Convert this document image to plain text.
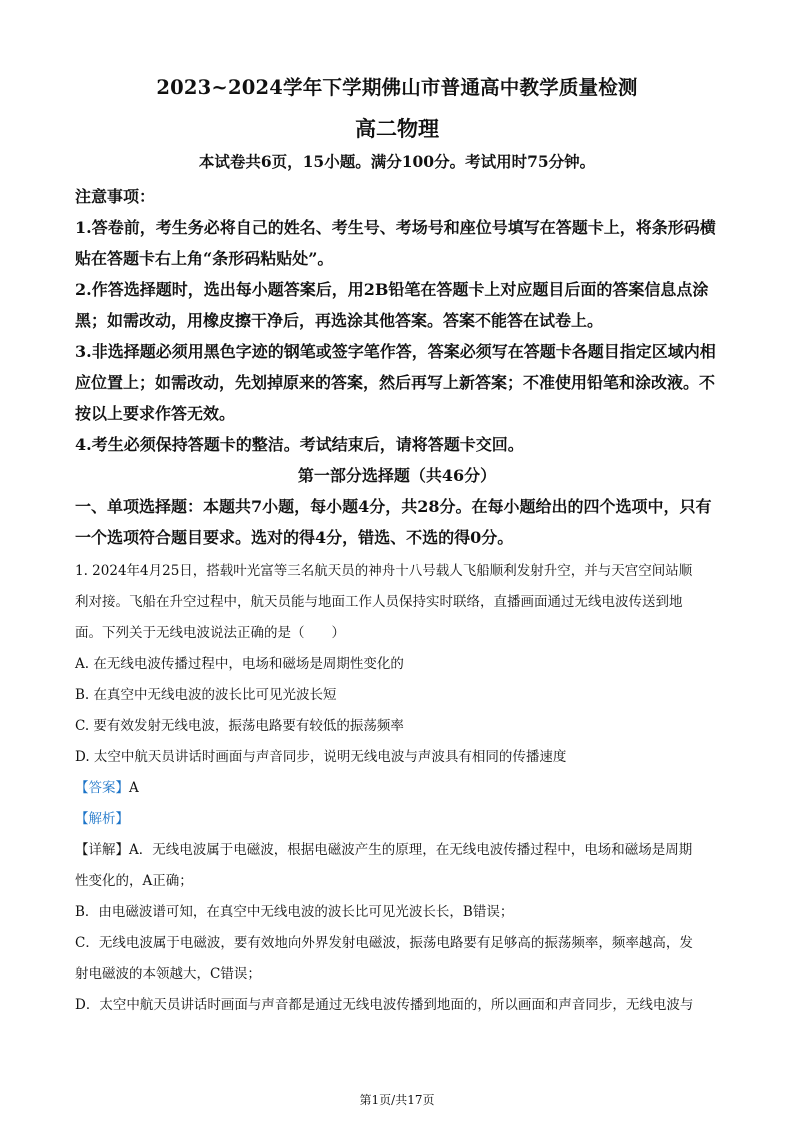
2023~2024学年下学期佛山市普通高中教学质量检测
高二物理
本试卷共6页，15小题。满分100分。考试用时75分钟。
注意事项：
1.答卷前，考生务必将自己的姓名、考生号、考场号和座位号填写在答题卡上，将条形码横
贴在答题卡右上角“条形码粘贴处”。
2.作答选择题时，选出每小题答案后，用2B铅笔在答题卡上对应题目后面的答案信息点涂
黑；如需改动，用橡皮擦干净后，再选涂其他答案。答案不能答在试卷上。
3.非选择题必须用黑色字迹的钢笔或签字笔作答，答案必须写在答题卡各题目指定区域内相
应位置上；如需改动，先划掉原来的答案，然后再写上新答案；不准使用铅笔和涂改液。不
按以上要求作答无效。
4.考生必须保持答题卡的整洁。考试结束后，请将答题卡交回。
第一部分选择题（共46分）
一、单项选择题：本题共7小题，每小题4分，共28分。在每小题给出的四个选项中，只有
一个选项符合题目要求。选对的得4分，错选、不选的得0分。
1. 2024年4月25日，搭载叶光富等三名航天员的神舟十八号载人飞船顺利发射升空，并与天宫空间站顺
利对接。飞船在升空过程中，航天员能与地面工作人员保持实时联络，直播画面通过无线电波传送到地
面。下列关于无线电波说法正确的是（　　）
A. 在无线电波传播过程中，电场和磁场是周期性变化的
B. 在真空中无线电波的波长比可见光波长短
C. 要有效发射无线电波，振荡电路要有较低的振荡频率
D. 太空中航天员讲话时画面与声音同步，说明无线电波与声波具有相同的传播速度
【答案】A
【解析】
【详解】A．无线电波属于电磁波，根据电磁波产生的原理，在无线电波传播过程中，电场和磁场是周期
性变化的，A正确；
B．由电磁波谱可知，在真空中无线电波的波长比可见光波长长，B错误；
C．无线电波属于电磁波，要有效地向外界发射电磁波，振荡电路要有足够高的振荡频率，频率越高，发
射电磁波的本领越大，C错误；
D．太空中航天员讲话时画面与声音都是通过无线电波传播到地面的，所以画面和声音同步，无线电波与
第1页/共17页
